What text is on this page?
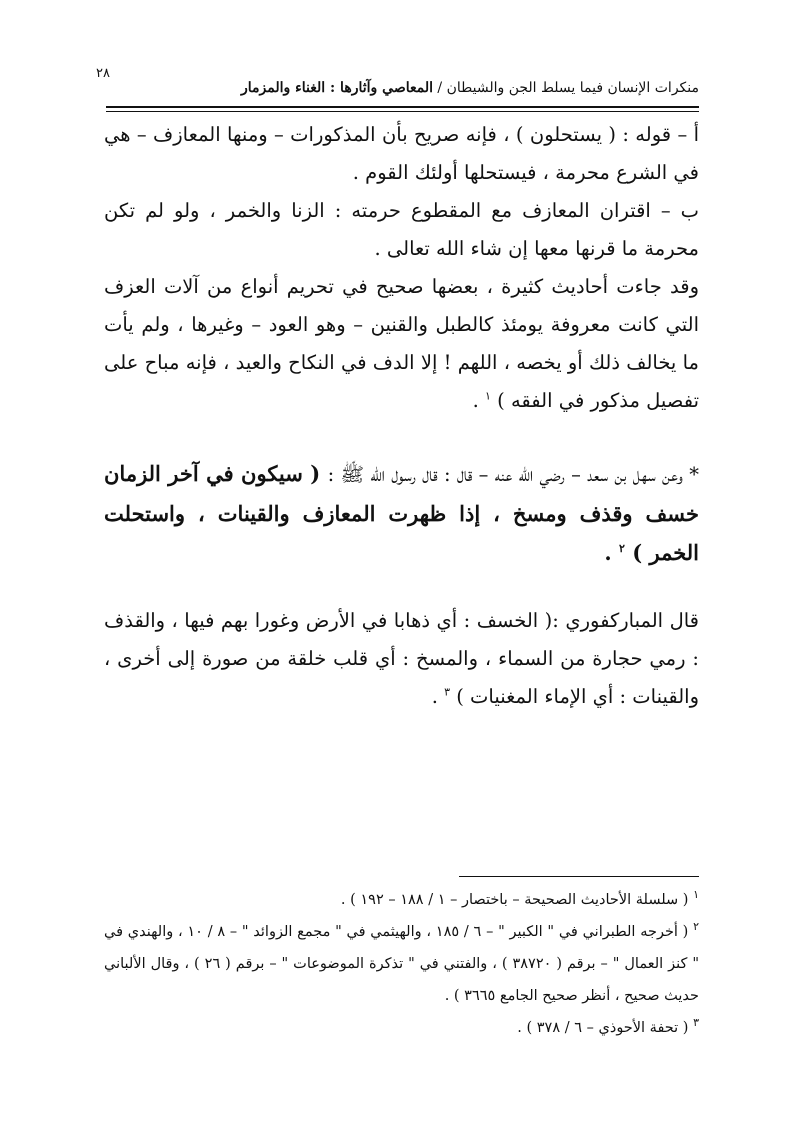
٢٨
منكرات الإنسان فيما يسلط الجن والشيطان / المعاصي وآثارها : الغناء والمزمار

أ – قوله : ( يستحلون ) ، فإنه صريح بأن المذكورات – ومنها المعازف – هي في الشرع محرمة ، فيستحلها أولئك القوم .

ب – اقتران المعازف مع المقطوع حرمته : الزنا والخمر ، ولو لم تكن محرمة ما قرنها معها إن شاء الله تعالى .

وقد جاءت أحاديث كثيرة ، بعضها صحيح في تحريم أنواع من آلات العزف التي كانت معروفة يومئذ كالطبل والقنين – وهو العود – وغيرها ، ولم يأت ما يخالف ذلك أو يخصه ، اللهم ! إلا الدف في النكاح والعيد ، فإنه مباح على تفصيل مذكور في الفقه ) $^١$ .

* وعن سهل بن سعد – رضي الله عنه – قال : قال رسول الله ﷺ : ( سيكون في آخر الزمان خسف وقذف ومسخ ، إذا ظهرت المعازف والقينات ، واستحلت الخمر ) $^٢$ .

قال المباركفوري :( الخسف : أي ذهابا في الأرض وغورا بهم فيها ، والقذف : رمي حجارة من السماء ، والمسخ : أي قلب خلقة من صورة إلى أخرى ، والقينات : أي الإماء المغنيات ) $^٣$ .

$^١$ ( سلسلة الأحاديث الصحيحة – باختصار – ١ / ١٨٨ – ١٩٢ ) .

$^٢$ ( أخرجه الطبراني في " الكبير " – ٦ / ١٨٥ ، والهيثمي في " مجمع الزوائد " – ٨ / ١٠ ، والهندي في " كنز العمال " – برقم ( ٣٨٧٢٠ ) ، والفتني في " تذكرة الموضوعات " – برقم ( ٢٦ ) ، وقال الألباني حديث صحيح ، أنظر صحيح الجامع ٣٦٦٥ ) .

$^٣$ ( تحفة الأحوذي – ٦ / ٣٧٨ ) .
